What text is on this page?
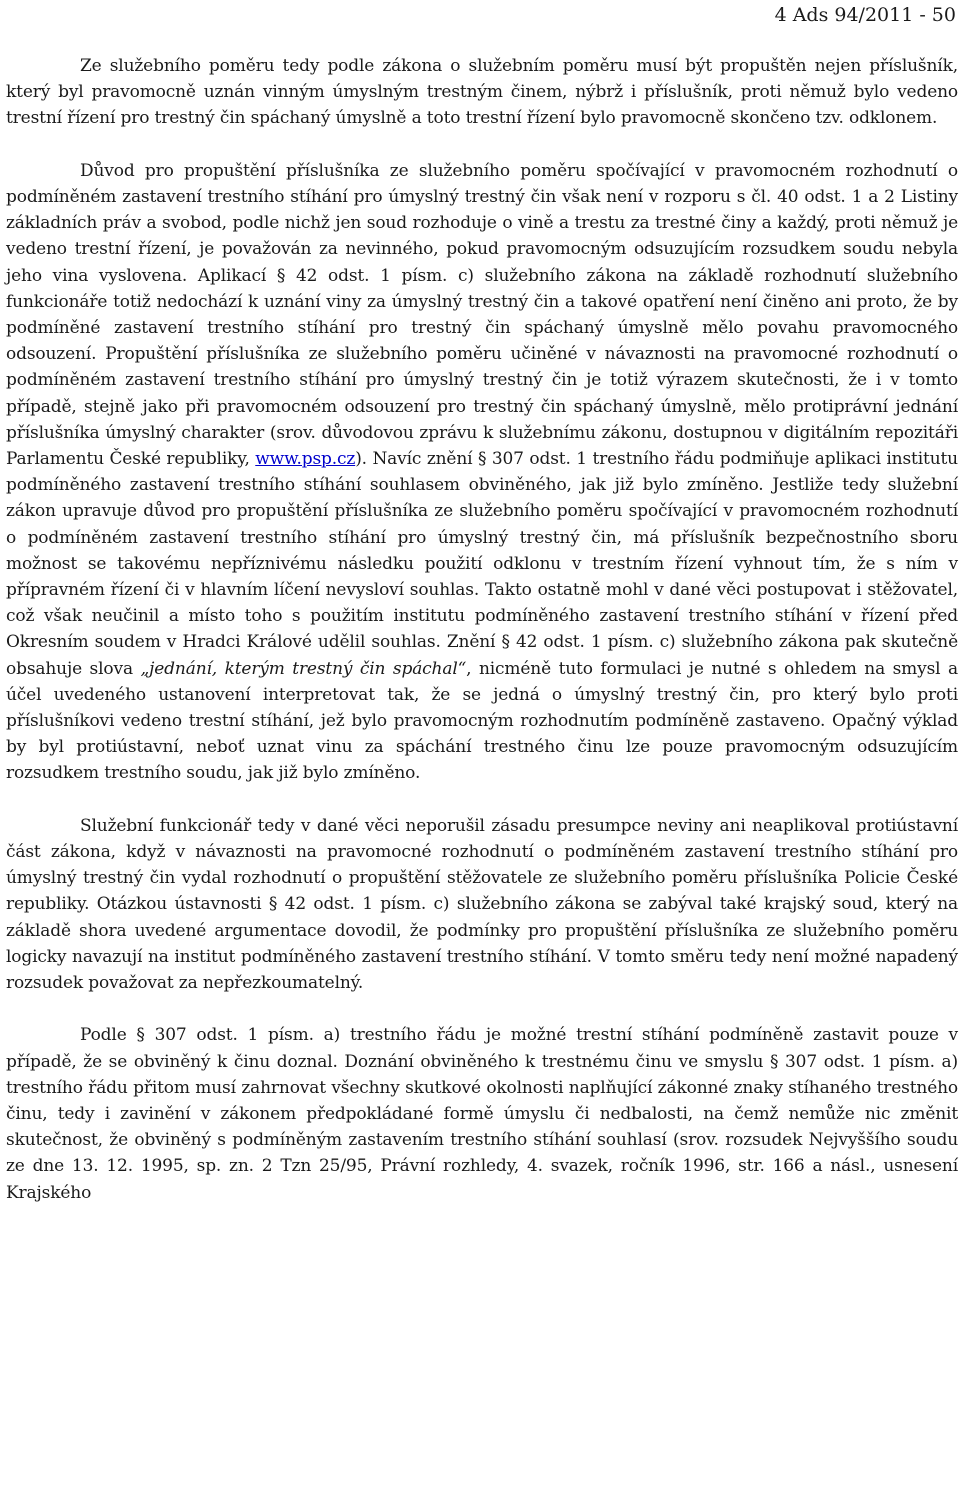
4 Ads 94/2011 - 50

Ze služebního poměru tedy podle zákona o služebním poměru musí být propuštěn nejen příslušník, který byl pravomocně uznán vinným úmyslným trestným činem, nýbrž i příslušník, proti němuž bylo vedeno trestní řízení pro trestný čin spáchaný úmyslně a toto trestní řízení bylo pravomocně skončeno tzv. odklonem.

Důvod pro propuštění příslušníka ze služebního poměru spočívající v pravomocném rozhodnutí o podmíněném zastavení trestního stíhání pro úmyslný trestný čin však není v rozporu s čl. 40 odst. 1 a 2 Listiny základních práv a svobod, podle nichž jen soud rozhoduje o vině a trestu za trestné činy a každý, proti němuž je vedeno trestní řízení, je považován za nevinného, pokud pravomocným odsuzujícím rozsudkem soudu nebyla jeho vina vyslovena. Aplikací § 42 odst. 1 písm. c) služebního zákona na základě rozhodnutí služebního funkcionáře totiž nedochází k uznání viny za úmyslný trestný čin a takové opatření není činěno ani proto, že by podmíněné zastavení trestního stíhání pro trestný čin spáchaný úmyslně mělo povahu pravomocného odsouzení. Propuštění příslušníka ze služebního poměru učiněné v návaznosti na pravomocné rozhodnutí o podmíněném zastavení trestního stíhání pro úmyslný trestný čin je totiž výrazem skutečnosti, že i v tomto případě, stejně jako při pravomocném odsouzení pro trestný čin spáchaný úmyslně, mělo protiprávní jednání příslušníka úmyslný charakter (srov. důvodovou zprávu k služebnímu zákonu, dostupnou v digitálním repozitáři Parlamentu České republiky, www.psp.cz). Navíc znění § 307 odst. 1 trestního řádu podmiňuje aplikaci institutu podmíněného zastavení trestního stíhání souhlasem obviněného, jak již bylo zmíněno. Jestliže tedy služební zákon upravuje důvod pro propuštění příslušníka ze služebního poměru spočívající v pravomocném rozhodnutí o podmíněném zastavení trestního stíhání pro úmyslný trestný čin, má příslušník bezpečnostního sboru možnost se takovému nepříznivému následku použití odklonu v trestním řízení vyhnout tím, že s ním v přípravném řízení či v hlavním líčení nevysloví souhlas. Takto ostatně mohl v dané věci postupovat i stěžovatel, což však neučinil a místo toho s použitím institutu podmíněného zastavení trestního stíhání v řízení před Okresním soudem v Hradci Králové udělil souhlas. Znění § 42 odst. 1 písm. c) služebního zákona pak skutečně obsahuje slova „jednání, kterým trestný čin spáchal“, nicméně tuto formulaci je nutné s ohledem na smysl a účel uvedeného ustanovení interpretovat tak, že se jedná o úmyslný trestný čin, pro který bylo proti příslušníkovi vedeno trestní stíhání, jež bylo pravomocným rozhodnutím podmíněně zastaveno. Opačný výklad by byl protiústavní, neboť uznat vinu za spáchání trestného činu lze pouze pravomocným odsuzujícím rozsudkem trestního soudu, jak již bylo zmíněno.

Služební funkcionář tedy v dané věci neporušil zásadu presumpce neviny ani neaplikoval protiústavní část zákona, když v návaznosti na pravomocné rozhodnutí o podmíněném zastavení trestního stíhání pro úmyslný trestný čin vydal rozhodnutí o propuštění stěžovatele ze služebního poměru příslušníka Policie České republiky. Otázkou ústavnosti § 42 odst. 1 písm. c) služebního zákona se zabýval také krajský soud, který na základě shora uvedené argumentace dovodil, že podmínky pro propuštění příslušníka ze služebního poměru logicky navazují na institut podmíněného zastavení trestního stíhání. V tomto směru tedy není možné napadený rozsudek považovat za nepřezkoumatelný.

Podle § 307 odst. 1 písm. a) trestního řádu je možné trestní stíhání podmíněně zastavit pouze v případě, že se obviněný k činu doznal. Doznání obviněného k trestnému činu ve smyslu § 307 odst. 1 písm. a) trestního řádu přitom musí zahrnovat všechny skutkové okolnosti naplňující zákonné znaky stíhaného trestného činu, tedy i zavinění v zákonem předpokládané formě úmyslu či nedbalosti, na čemž nemůže nic změnit skutečnost, že obviněný s podmíněným zastavením trestního stíhání souhlasí (srov. rozsudek Nejvyššího soudu ze dne 13. 12. 1995, sp. zn. 2 Tzn 25/95, Právní rozhledy, 4. svazek, ročník 1996, str. 166 a násl., usnesení Krajského
